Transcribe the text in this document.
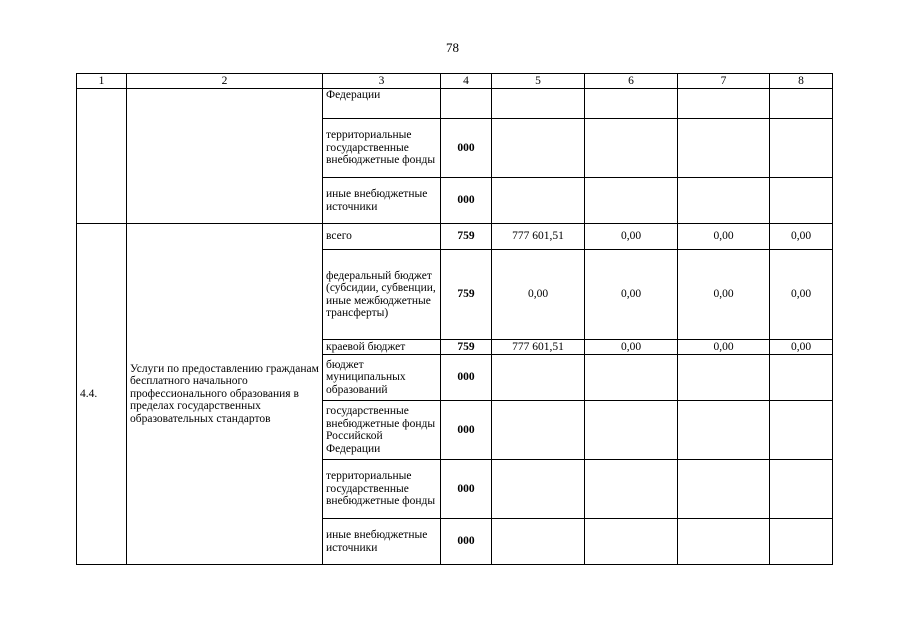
78
1	2	3	4	5	6	7	8
		Федерации					
		территориальные государственные внебюджетные фонды	000				
		иные внебюджетные источники	000				
4.4.	Услуги по предоставлению гражданам бесплатного начального профессионального образования в пределах государственных образовательных стандартов	всего	759	777 601,51	0,00	0,00	0,00
		федеральный бюджет (субсидии, субвенции, иные межбюджетные трансферты)	759	0,00	0,00	0,00	0,00
		краевой бюджет	759	777 601,51	0,00	0,00	0,00
		бюджет муниципальных образований	000				
		государственные внебюджетные фонды Российской Федерации	000				
		территориальные государственные внебюджетные фонды	000				
		иные внебюджетные источники	000				
